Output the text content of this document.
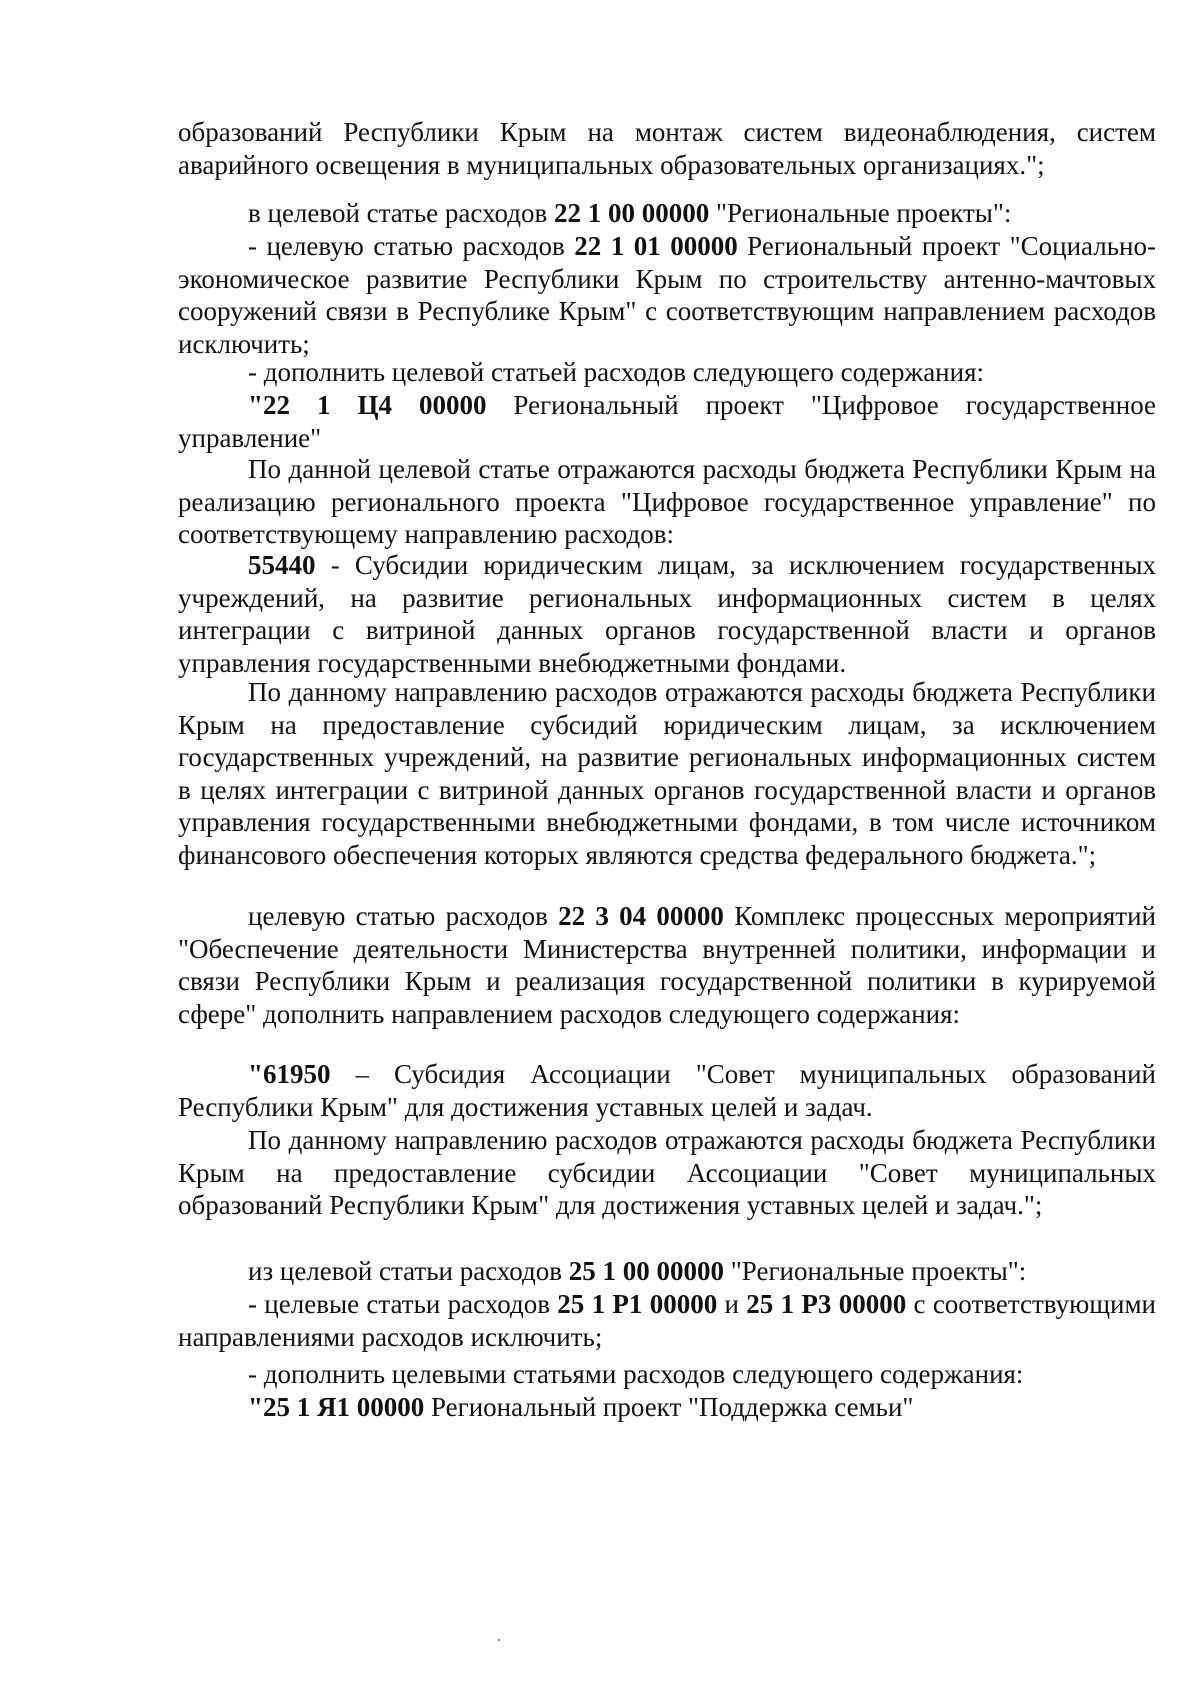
образований Республики Крым на монтаж систем видеонаблюдения, систем аварийного освещения в муниципальных образовательных организациях.";

в целевой статье расходов 22 1 00 00000 "Региональные проекты":

- целевую статью расходов 22 1 01 00000 Региональный проект "Социально-экономическое развитие Республики Крым по строительству антенно-мачтовых сооружений связи в Республике Крым" с соответствующим направлением расходов исключить;

- дополнить целевой статьей расходов следующего содержания:

"22 1 Ц4 00000 Региональный проект "Цифровое государственное управление"

По данной целевой статье отражаются расходы бюджета Республики Крым на реализацию регионального проекта "Цифровое государственное управление" по соответствующему направлению расходов:

55440 - Субсидии юридическим лицам, за исключением государственных учреждений, на развитие региональных информационных систем в целях интеграции с витриной данных органов государственной власти и органов управления государственными внебюджетными фондами.

По данному направлению расходов отражаются расходы бюджета Республики Крым на предоставление субсидий юридическим лицам, за исключением государственных учреждений, на развитие региональных информационных систем в целях интеграции с витриной данных органов государственной власти и органов управления государственными внебюджетными фондами, в том числе источником финансового обеспечения которых являются средства федерального бюджета.";

целевую статью расходов 22 3 04 00000 Комплекс процессных мероприятий "Обеспечение деятельности Министерства внутренней политики, информации и связи Республики Крым и реализация государственной политики в курируемой сфере" дополнить направлением расходов следующего содержания:

"61950 – Субсидия Ассоциации "Совет муниципальных образований Республики Крым" для достижения уставных целей и задач.

По данному направлению расходов отражаются расходы бюджета Республики Крым на предоставление субсидии Ассоциации "Совет муниципальных образований Республики Крым" для достижения уставных целей и задач.";

из целевой статьи расходов 25 1 00 00000 "Региональные проекты":

- целевые статьи расходов 25 1 Р1 00000 и 25 1 Р3 00000 с соответствующими направлениями расходов исключить;

- дополнить целевыми статьями расходов следующего содержания:

"25 1 Я1 00000 Региональный проект "Поддержка семьи"
